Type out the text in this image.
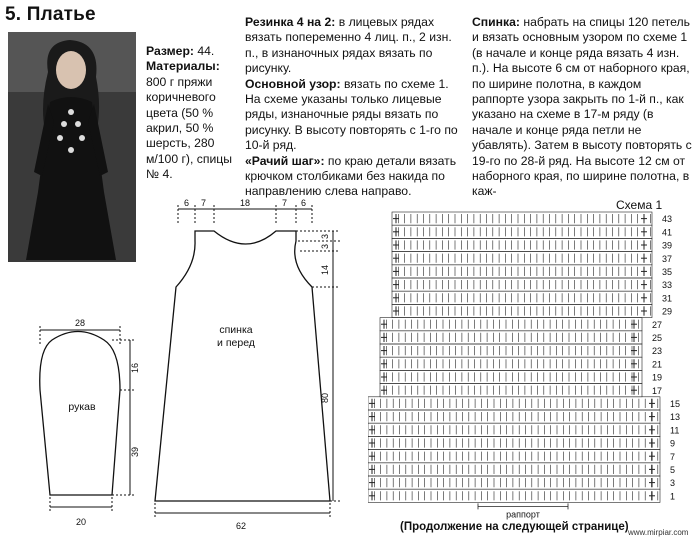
5. Платье

Размер: 44.

Материалы: 800 г пряжи коричневого цвета (50 % акрил, 50 % шерсть, 280 м/100 г), спицы № 4.

Резинка 4 на 2: в лицевых рядах вязать попеременно 4 лиц. п., 2 изн. п., в изнаночных рядах вязать по рисунку.

Основной узор: вязать по схеме 1. На схеме указаны только лицевые ряды, изнаночные ряды вязать по рисунку. В высоту повторять с 1-го по 10-й ряд.

«Рачий шаг»: по краю детали вязать крючком столбиками без накида по направлению слева направо.

Спинка: набрать на спицы 120 петель и вязать основным узором по схеме 1 (в начале и конце ряда вязать 4 изн. п.). На высоте 6 см от наборного края, по ширине полотна, в каждом раппорте узора закрыть по 1-й п., как указано на схеме в 17-м ряду (в начале и конце ряда петли не убавлять). Затем в высоту повторять с 19-го по 28-й ряд. На высоте 12 см от наборного края, по ширине полотна, в каж-

6 7	18	7 6
3
3
14
80
62
28
16
39
20
спинка
и перед
рукав
Схема 1
43
41
39
37
35
33
31
29
27
25
23
21
19
17
15
13
11
9
7
5
3
1
раппорт
(Продолжение на следующей странице) www.mirpiar.com
